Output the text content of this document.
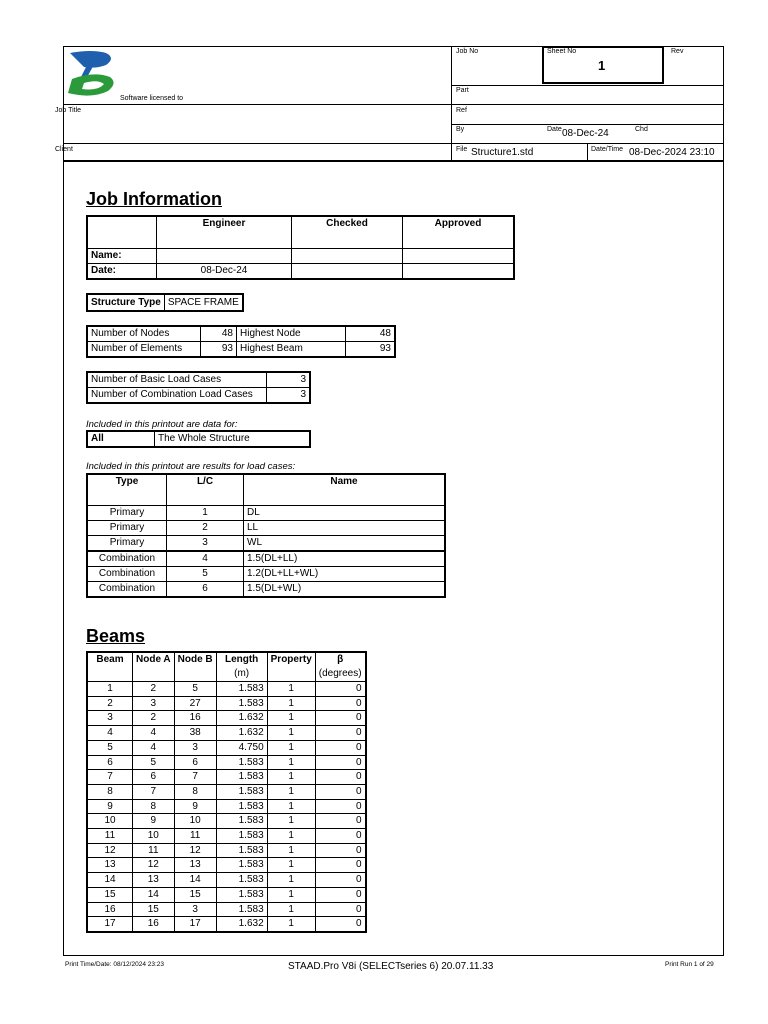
Software licensed to
Job Title
Client
Job No	Sheet No
1
Rev
Part
Ref
By	Date 08-Dec-24	Chd
File Structure1.std	Date/Time 08-Dec-2024 23:10
Job Information
	Engineer	Checked	Approved
Name:			
Date:	08-Dec-24		
Structure Type	SPACE FRAME
Number of Nodes	48	Highest Node	48
Number of Elements	93	Highest Beam	93
Number of Basic Load Cases	3
Number of Combination Load Cases	3
Included in this printout are data for:
All	The Whole Structure
Included in this printout are results for load cases:
Type	L/C	Name
Primary	1	DL
Primary	2	LL
Primary	3	WL
Combination	4	1.5(DL+LL)
Combination	5	1.2(DL+LL+WL)
Combination	6	1.5(DL+WL)
Beams
Beam	Node A	Node B	Length	Property	β
			(m)		(degrees)
1	2	5	1.583	1	0
2	3	27	1.583	1	0
3	2	16	1.632	1	0
4	4	38	1.632	1	0
5	4	3	4.750	1	0
6	5	6	1.583	1	0
7	6	7	1.583	1	0
8	7	8	1.583	1	0
9	8	9	1.583	1	0
10	9	10	1.583	1	0
11	10	11	1.583	1	0
12	11	12	1.583	1	0
13	12	13	1.583	1	0
14	13	14	1.583	1	0
15	14	15	1.583	1	0
16	15	3	1.583	1	0
17	16	17	1.632	1	0
Print Time/Date: 08/12/2024 23:23	STAAD.Pro V8i (SELECTseries 6) 20.07.11.33	Print Run 1 of 29
